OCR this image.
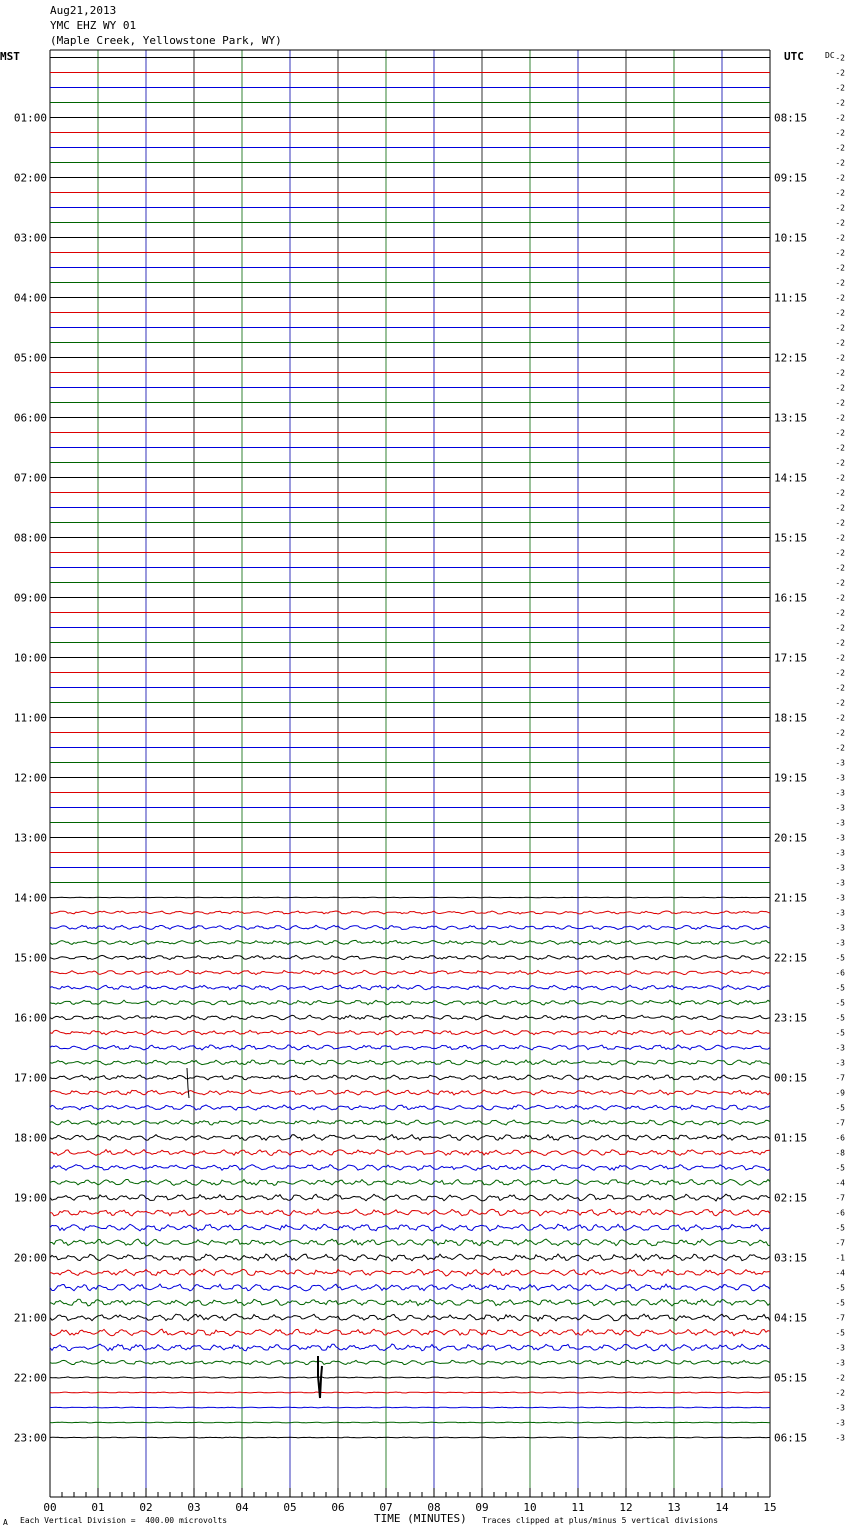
Aug21,2013
YMC EHZ WY 01
(Maple Creek, Yellowstone Park, WY)
MST	UTC	-2
-2
-2
-2
-2
-2
-2
-2
-2
-2
-2
-2
-2
-2
-2
-2
-2
-2
-2
-2
-2
-2
-2
-2
-2
-2
-2
-2
-2
-2
-2
-2
-2
-2
-2
-2
-2
-2
-2
-2
-2
-2
-2
-2
-2
-2
-2
-3
-3
-3
-3
-3
-3
-3
-3
-3
-3
-3
-3
-3
-5
-6
-5
-5
-5
-5
-3
-3
-7
-9
-5
-7
-6
-8
-5
-4
-7
-6
-5
-7
-1
-4
-5
-5
-7
-5
-3
-3
-2
-2
-3
-3
-3
DC
01:00
02:00
03:00
04:00
05:00
06:00
07:00
08:00
09:00
10:00
11:00
12:00
13:00
14:00
15:00
16:00
17:00
18:00
19:00
20:00
21:00
22:00
23:00
08:15
09:15
10:15
11:15
12:15
13:15
14:15
15:15
16:15
17:15
18:15
19:15
20:15
21:15
22:15
23:15
00:15
01:15
02:15
03:15
04:15
05:15
06:15
00	01	02	03	04	05	06	07	08	09	10	11	12	13	14	15
TIME (MINUTES)
A Each Vertical Division =  400.00 microvolts	Traces clipped at plus/minus 5 vertical divisions
